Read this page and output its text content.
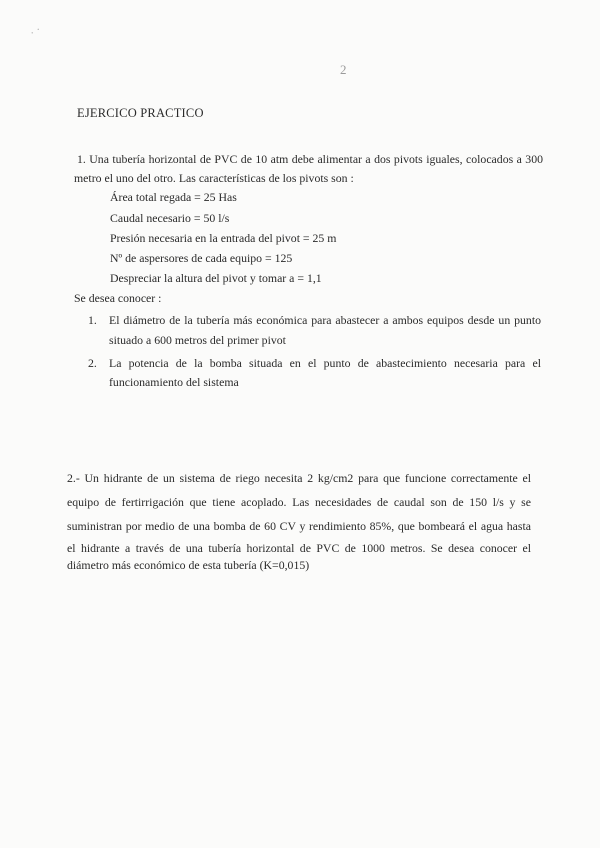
· ·
2
EJERCICO PRACTICO
1. Una tubería horizontal de PVC de 10 atm debe alimentar a dos pivots iguales, colocados a 300
metro el uno del otro. Las características de los pivots son :
Área total regada = 25 Has
Caudal necesario = 50 l/s
Presión necesaria en la entrada del pivot = 25 m
Nº de aspersores de cada equipo = 125
Despreciar la altura del pivot y tomar a = 1,1
Se desea conocer :
1. El diámetro de la tubería más económica para abastecer a ambos equipos desde un punto
situado a 600 metros del primer pivot
2. La potencia de la bomba situada en el punto de abastecimiento necesaria para el
funcionamiento del sistema
2.- Un hidrante de un sistema de riego necesita 2 kg/cm2 para que funcione correctamente el
equipo de fertirrigación que tiene acoplado. Las necesidades de caudal son de 150 l/s y se
suministran por medio de una bomba de 60 CV y rendimiento 85%, que bombeará el agua hasta
el hidrante a través de una tubería horizontal de PVC de 1000 metros. Se desea conocer el
diámetro más económico de esta tubería (K=0,015)
